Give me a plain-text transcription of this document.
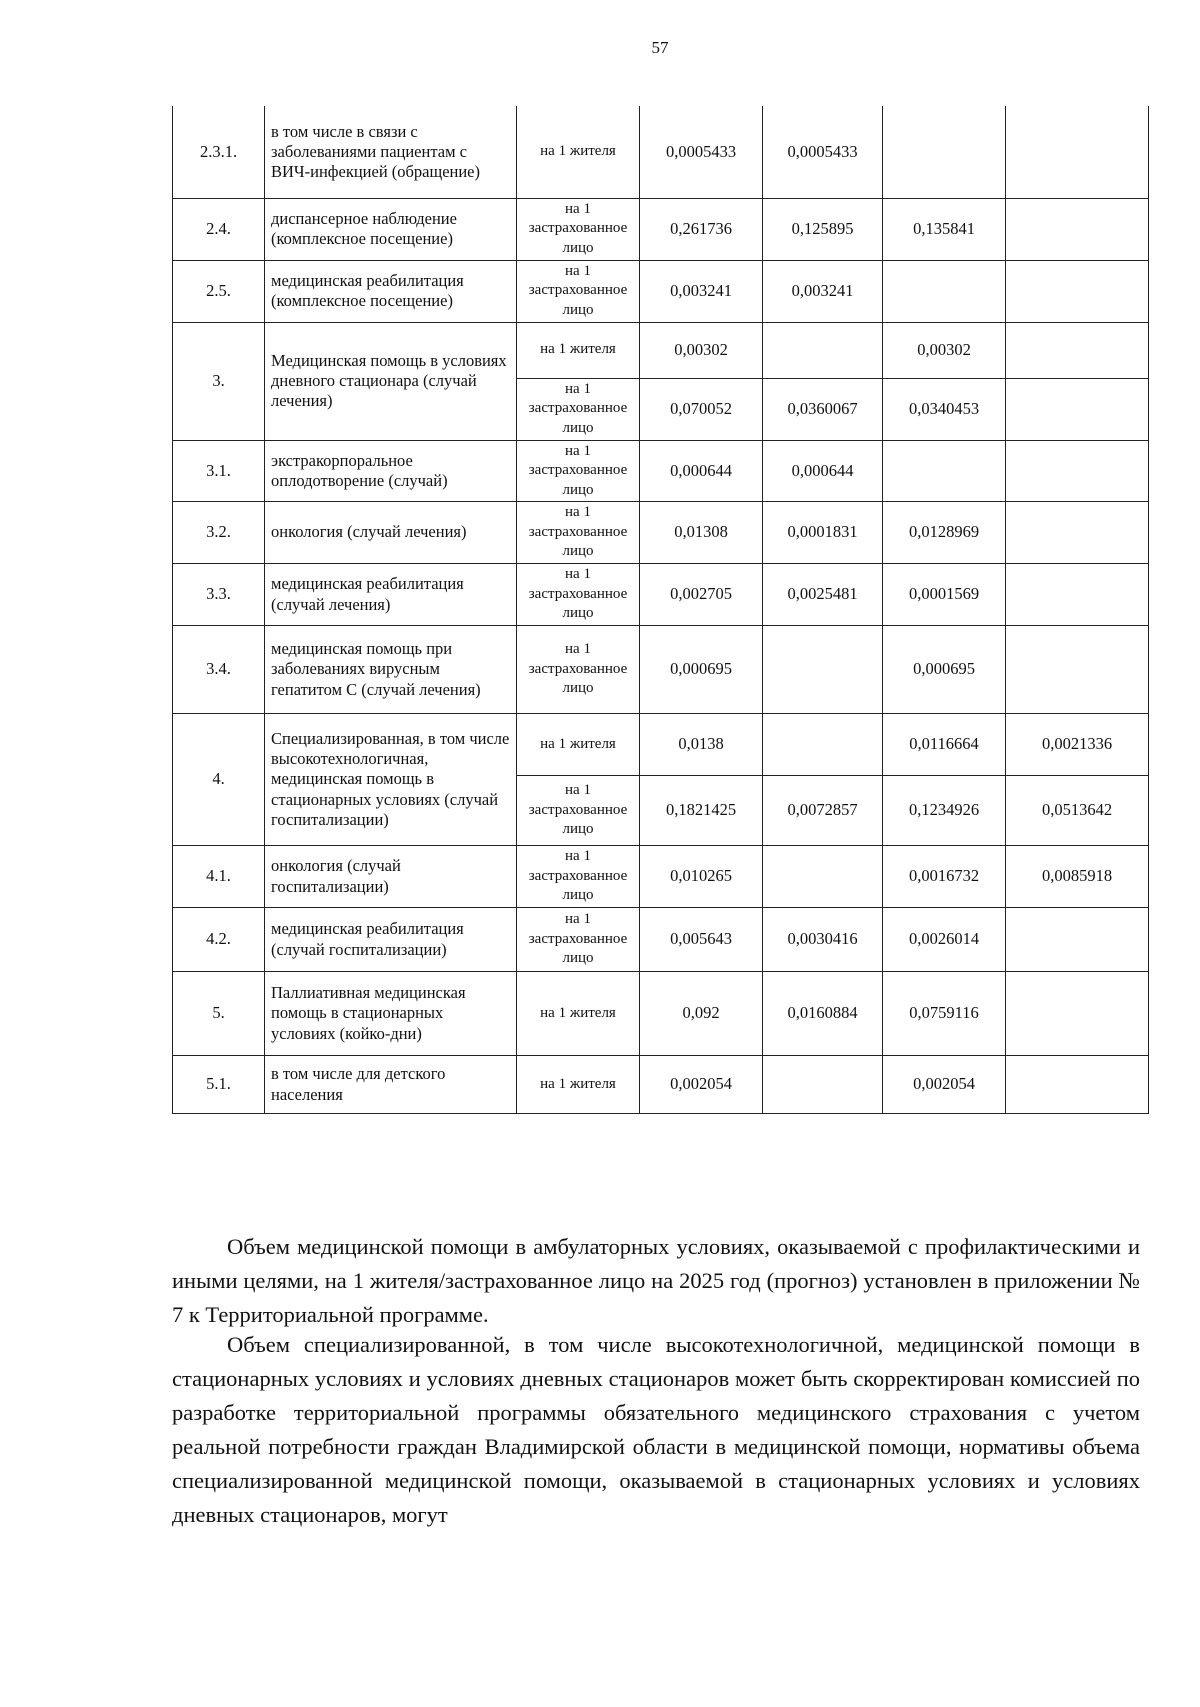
57
2.3.1.	в том числе в связи с заболеваниями пациентам с ВИЧ-инфекцией (обращение)	на 1 жителя	0,0005433	0,0005433		
2.4.	диспансерное наблюдение (комплексное посещение)	на 1 застрахованное лицо	0,261736	0,125895	0,135841	
2.5.	медицинская реабилитация (комплексное посещение)	на 1 застрахованное лицо	0,003241	0,003241		
3.	Медицинская помощь в условиях дневного стационара (случай лечения)	на 1 жителя	0,00302		0,00302	
		на 1 застрахованное лицо	0,070052	0,0360067	0,0340453	
3.1.	экстракорпоральное оплодотворение (случай)	на 1 застрахованное лицо	0,000644	0,000644		
3.2.	онкология (случай лечения)	на 1 застрахованное лицо	0,01308	0,0001831	0,0128969	
3.3.	медицинская реабилитация (случай лечения)	на 1 застрахованное лицо	0,002705	0,0025481	0,0001569	
3.4.	медицинская помощь при заболеваниях вирусным гепатитом С (случай лечения)	на 1 застрахованное лицо	0,000695		0,000695	
4.	Специализированная, в том числе высокотехнологичная, медицинская помощь в стационарных условиях (случай госпитализации)	на 1 жителя	0,0138		0,0116664	0,0021336
		на 1 застрахованное лицо	0,1821425	0,0072857	0,1234926	0,0513642
4.1.	онкология (случай госпитализации)	на 1 застрахованное лицо	0,010265		0,0016732	0,0085918
4.2.	медицинская реабилитация (случай госпитализации)	на 1 застрахованное лицо	0,005643	0,0030416	0,0026014	
5.	Паллиативная медицинская помощь в стационарных условиях (койко-дни)	на 1 жителя	0,092	0,0160884	0,0759116	
5.1.	в том числе для детского населения	на 1 жителя	0,002054		0,002054	

Объем медицинской помощи в амбулаторных условиях, оказываемой с профилактическими и иными целями, на 1 жителя/застрахованное лицо на 2025 год (прогноз) установлен в приложении № 7 к Территориальной программе.

Объем специализированной, в том числе высокотехнологичной, медицинской помощи в стационарных условиях и условиях дневных стационаров может быть скорректирован комиссией по разработке территориальной программы обязательного медицинского страхования с учетом реальной потребности граждан Владимирской области в медицинской помощи, нормативы объема специализированной медицинской помощи, оказываемой в стационарных условиях и условиях дневных стационаров, могут
